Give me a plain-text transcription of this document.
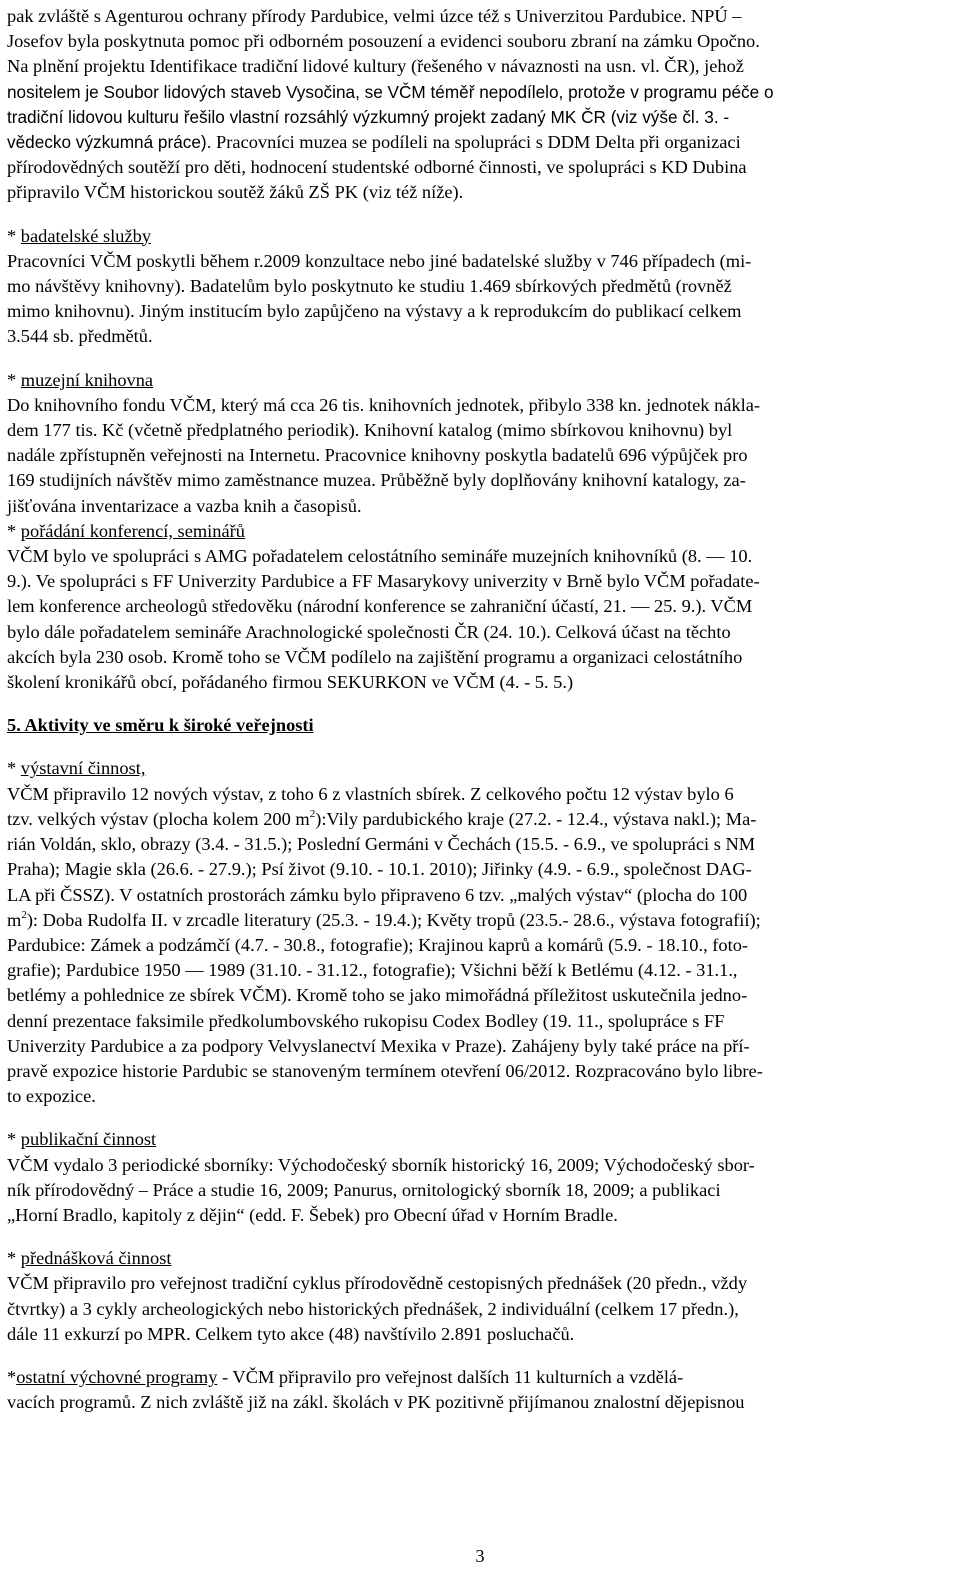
pak zvláště s Agenturou ochrany přírody Pardubice, velmi úzce též s Univerzitou Pardubice. NPÚ –
Josefov byla poskytnuta pomoc při odborném posouzení a evidenci souboru zbraní na zámku Opočno.
Na plnění projektu Identifikace tradiční lidové kultury (řešeného v návaznosti na usn. vl. ČR), jehož
nositelem je Soubor lidových staveb Vysočina, se VČM téměř nepodílelo, protože v programu péče o
tradiční lidovou kulturu řešilo vlastní rozsáhlý výzkumný projekt zadaný MK ČR (viz výše čl. 3. -
vědecko výzkumná práce). Pracovníci muzea se podíleli na spolupráci s DDM Delta při organizaci
přírodovědných soutěží pro děti, hodnocení studentské odborné činnosti, ve spolupráci s KD Dubina
připravilo VČM historickou soutěž žáků ZŠ PK (viz též níže).
* badatelské služby
Pracovníci VČM poskytli během r.2009 konzultace nebo jiné badatelské služby v 746 případech (mi-
mo návštěvy knihovny). Badatelům bylo poskytnuto ke studiu 1.469 sbírkových předmětů (rovněž
mimo knihovnu). Jiným institucím bylo zapůjčeno na výstavy a k reprodukcím do publikací celkem
3.544 sb. předmětů.
* muzejní knihovna
Do knihovního fondu VČM, který má cca 26 tis. knihovních jednotek, přibylo 338 kn. jednotek nákla-
dem 177 tis. Kč (včetně předplatného periodik). Knihovní katalog (mimo sbírkovou knihovnu) byl
nadále zpřístupněn veřejnosti na Internetu. Pracovnice knihovny poskytla badatelů 696 výpůjček pro
169 studijních návštěv mimo zaměstnance muzea. Průběžně byly doplňovány knihovní katalogy, za-
jišťována inventarizace a vazba knih a časopisů.
* pořádání konferencí, seminářů
VČM bylo ve spolupráci s AMG pořadatelem celostátního semináře muzejních knihovníků (8. — 10.
9.). Ve spolupráci s FF Univerzity Pardubice a FF Masarykovy univerzity v Brně bylo VČM pořadate-
lem konference archeologů středověku (národní konference se zahraniční účastí, 21. — 25. 9.). VČM
bylo dále pořadatelem semináře Arachnologické společnosti ČR (24. 10.). Celková účast na těchto
akcích byla 230 osob. Kromě toho se VČM podílelo na zajištění programu a organizaci celostátního
školení kronikářů obcí, pořádaného firmou SEKURKON ve VČM (4. - 5. 5.)
5. Aktivity ve směru k široké veřejnosti
* výstavní činnost,
VČM připravilo 12 nových výstav, z toho 6 z vlastních sbírek. Z celkového počtu 12 výstav bylo 6
tzv. velkých výstav (plocha kolem 200 $m^2):Vily$ pardubického kraje (27.2. - 12.4., výstava nakl.); Ma-
rián Voldán, sklo, obrazy (3.4. - 31.5.); Poslední Germáni v Čechách (15.5. - 6.9., ve spolupráci s NM
Praha); Magie skla (26.6. - 27.9.); Psí život (9.10. - 10.1. 2010); Jiřinky (4.9. - 6.9., společnost DAG-
LA při ČSSZ). V ostatních prostorách zámku bylo připraveno 6 tzv. „malých výstav“ (plocha do 100
$m^2$): Doba Rudolfa II. v zrcadle literatury (25.3. - 19.4.); Květy tropů (23.5.- 28.6., výstava fotografií);
Pardubice: Zámek a podzámčí (4.7. - 30.8., fotografie); Krajinou kaprů a komárů (5.9. - 18.10., foto-
grafie); Pardubice 1950 — 1989 (31.10. - 31.12., fotografie); Všichni běží k Betlému (4.12. - 31.1.,
betlémy a pohlednice ze sbírek VČM). Kromě toho se jako mimořádná příležitost uskutečnila jedno-
denní prezentace faksimile předkolumbovského rukopisu Codex Bodley (19. 11., spolupráce s FF
Univerzity Pardubice a za podpory Velvyslanectví Mexika v Praze). Zahájeny byly také práce na pří-
pravě expozice historie Pardubic se stanoveným termínem otevření 06/2012. Rozpracováno bylo libre-
to expozice.
* publikační činnost
VČM vydalo 3 periodické sborníky: Východočeský sborník historický 16, 2009; Východočeský sbor-
ník přírodovědný – Práce a studie 16, 2009; Panurus, ornitologický sborník 18, 2009; a publikaci
„Horní Bradlo, kapitoly z dějin“ (edd. F. Šebek) pro Obecní úřad v Horním Bradle.
* přednášková činnost
VČM připravilo pro veřejnost tradiční cyklus přírodovědně cestopisných přednášek (20 předn., vždy
čtvrtky) a 3 cykly archeologických nebo historických přednášek, 2 individuální (celkem 17 předn.),
dále 11 exkurzí po MPR. Celkem tyto akce (48) navštívilo 2.891 posluchačů.
*ostatní výchovné programy - VČM připravilo pro veřejnost dalších 11 kulturních a vzdělá-
vacích programů. Z nich zvláště již na zákl. školách v PK pozitivně přijímanou znalostní dějepisnou
3
